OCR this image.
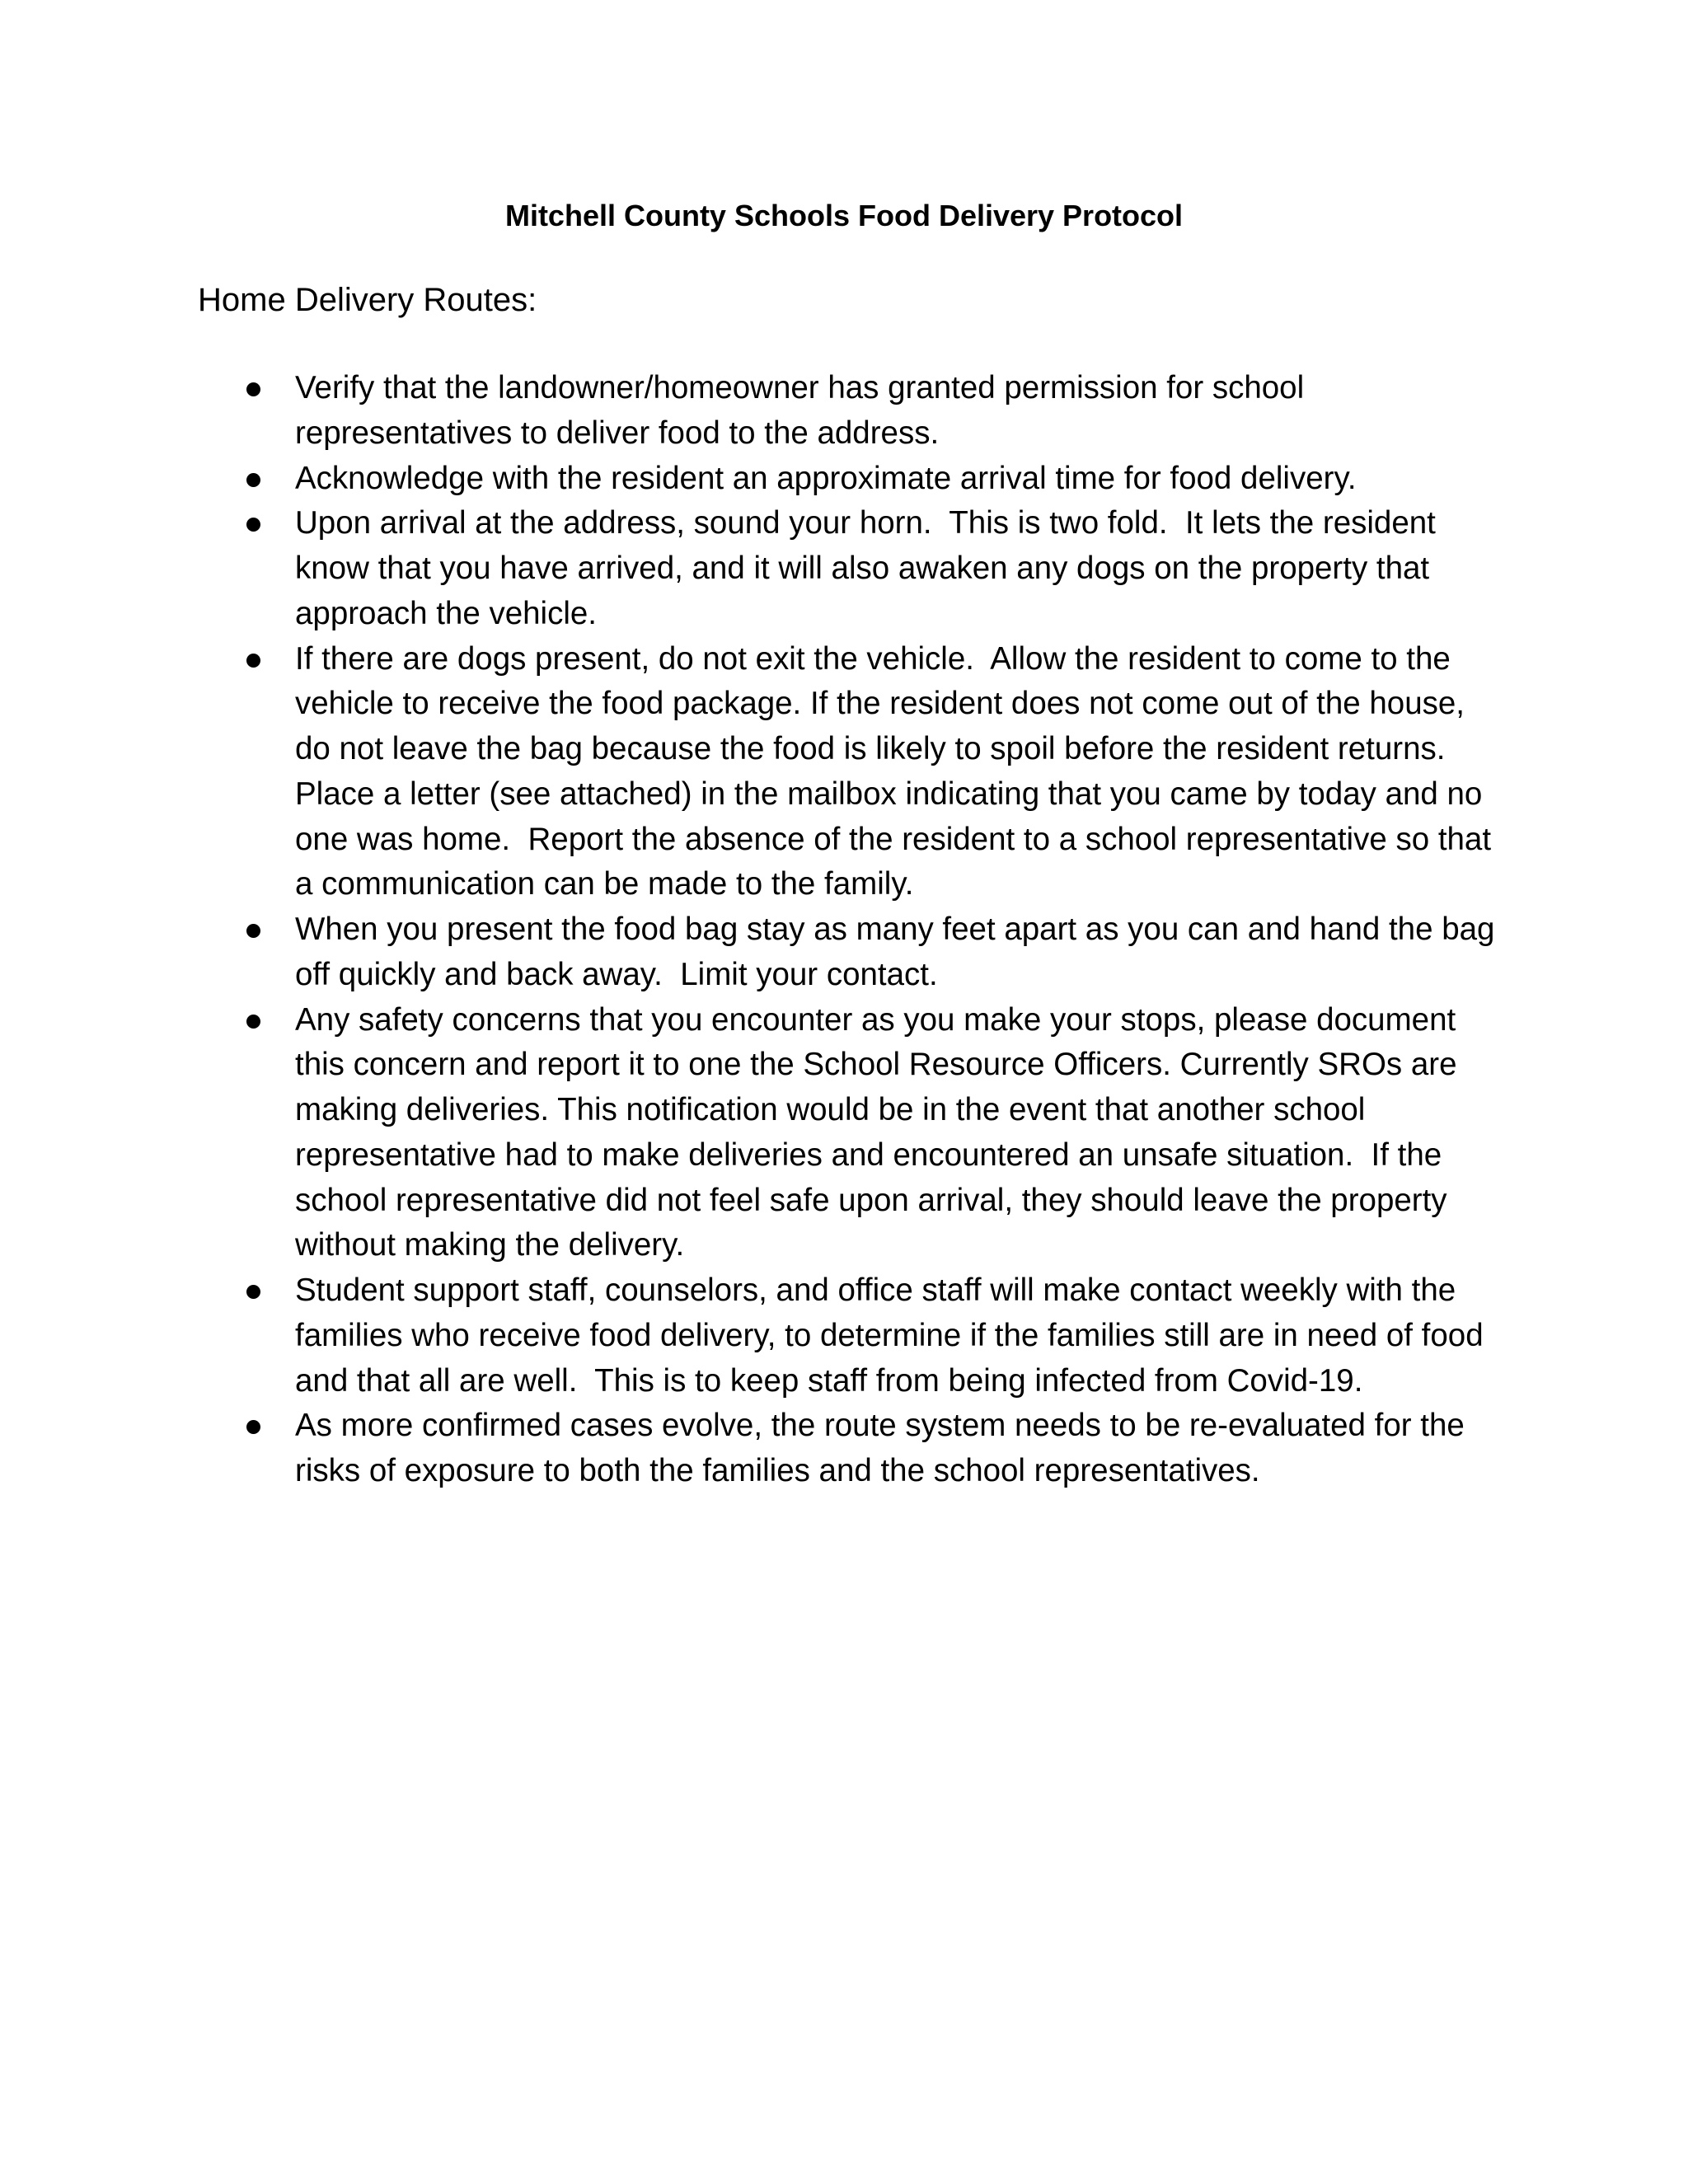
Mitchell County Schools Food Delivery Protocol
Home Delivery Routes:
Verify that the landowner/homeowner has granted permission for school representatives to deliver food to the address.
Acknowledge with the resident an approximate arrival time for food delivery.
Upon arrival at the address, sound your horn.  This is two fold.  It lets the resident know that you have arrived, and it will also awaken any dogs on the property that approach the vehicle.
If there are dogs present, do not exit the vehicle.  Allow the resident to come to the vehicle to receive the food package. If the resident does not come out of the house, do not leave the bag because the food is likely to spoil before the resident returns. Place a letter (see attached) in the mailbox indicating that you came by today and no one was home.  Report the absence of the resident to a school representative so that a communication can be made to the family.
When you present the food bag stay as many feet apart as you can and hand the bag off quickly and back away.  Limit your contact.
Any safety concerns that you encounter as you make your stops, please document this concern and report it to one the School Resource Officers. Currently SROs are making deliveries. This notification would be in the event that another school representative had to make deliveries and encountered an unsafe situation.  If the school representative did not feel safe upon arrival, they should leave the property without making the delivery.
Student support staff, counselors, and office staff will make contact weekly with the families who receive food delivery, to determine if the families still are in need of food and that all are well.  This is to keep staff from being infected from Covid-19.
As more confirmed cases evolve, the route system needs to be re-evaluated for the risks of exposure to both the families and the school representatives.
